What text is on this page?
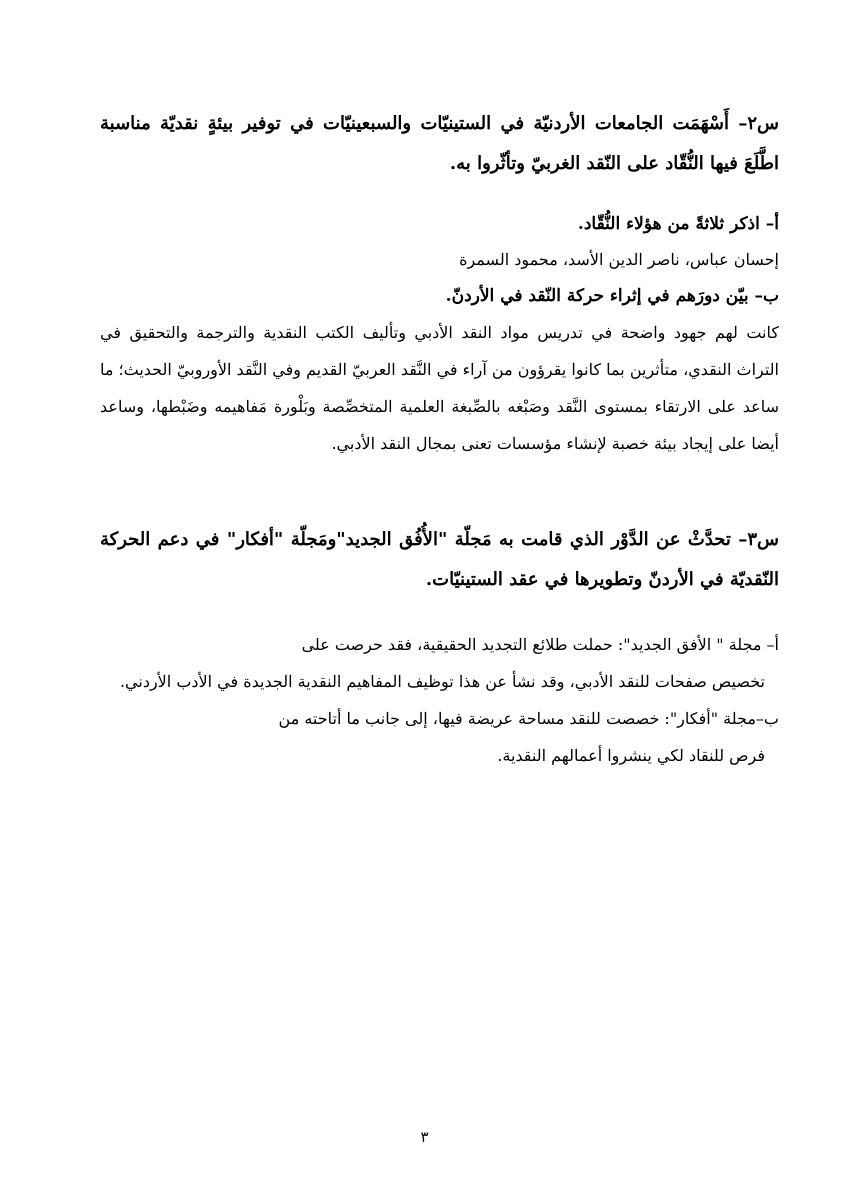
س٢– أَسْهَمَت الجامعات الأردنيّة في الستينيّات والسبعينيّات في توفير بيئةٍ نقديّة مناسبة اطَّلَعَ فيها النُّقّاد على النّقد الغربيّ وتأثّروا به.

أ– اذكر ثلاثةً من هؤلاء النُّقّاد.

إحسان عباس، ناصر الدين الأسد، محمود السمرة

ب– بيّن دورَهم في إثراء حركة النّقد في الأردنّ.

كانت لهم جهود واضحة في تدريس مواد النقد الأدبي وتأليف الكتب النقدية والترجمة والتحقيق في التراث النقدي، متأثرين بما كانوا يقرؤون من آراء في النَّقد العربيّ القديم وفي النَّقد الأوروبيّ الحديث؛ ما ساعد على الارتقاء بمستوى النَّقد وصَبْغه بالصِّبغة العلمية المتخصِّصة وبَلْورة مَفاهيمه وضَبْطها، وساعد أيضا على إيجاد بيئة خصبة لإنشاء مؤسسات تعنى بمجال النقد الأدبي.

س٣– تحدَّثْ عن الدَّوْر الذي قامت به مَجلّة "الأُفُق الجديد"ومَجلّة "أفكار" في دعم الحركة النّقديّة في الأردنّ وتطويرها في عقد الستينيّات.

أ– مجلة " الأفق الجديد": حملت طلائع التجديد الحقيقية، فقد حرصت على
تخصيص صفحات للنقد الأدبي، وقد نشأ عن هذا توظيف المفاهيم النقدية الجديدة في الأدب الأردني.
ب–مجلة "أفكار": خصصت للنقد مساحة عريضة فيها، إلى جانب ما أتاحته من
فرص للنقاد لكي ينشروا أعمالهم النقدية.
٣
